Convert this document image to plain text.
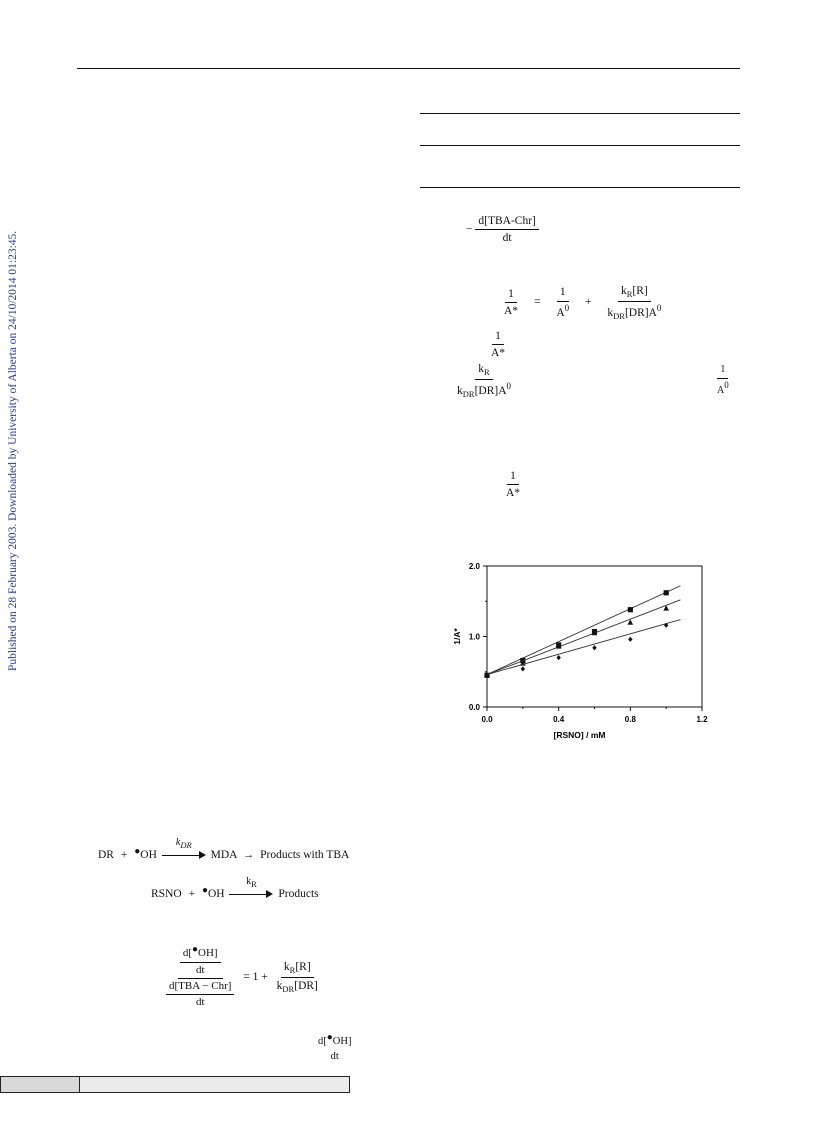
Published on 28 February 2003. Downloaded by University of Alberta on 24/10/2014 01:23:45.
− $\frac{\text{d[TBA-Chr]}}{dt}$
$\frac{1}{A*} = \frac{1}{A^0} + \frac{k_R[R]}{k_{DR}[DR]A^0}$
$\frac{1}{A*}$
$\frac{k_R}{k_{DR}[DR]A^0}$	$\frac{1}{A0}$
$\frac{1}{A*}$
0.0	0.4	0.8	1.2
0.0
1.0
2.0
[RSNO] / mM
1/A*
DR + ●OH
$k_{DR}$
MDA → Products with TBA
RSNO + ●OH
$k_R$
Products
$\frac{\frac{d[●OH]}{dt}}{\frac{\text{d[TBA − Chr]}}{dt}} = 1 + \frac{k_R[R]}{k_{DR}[DR]}$
d[●OH]
dt
